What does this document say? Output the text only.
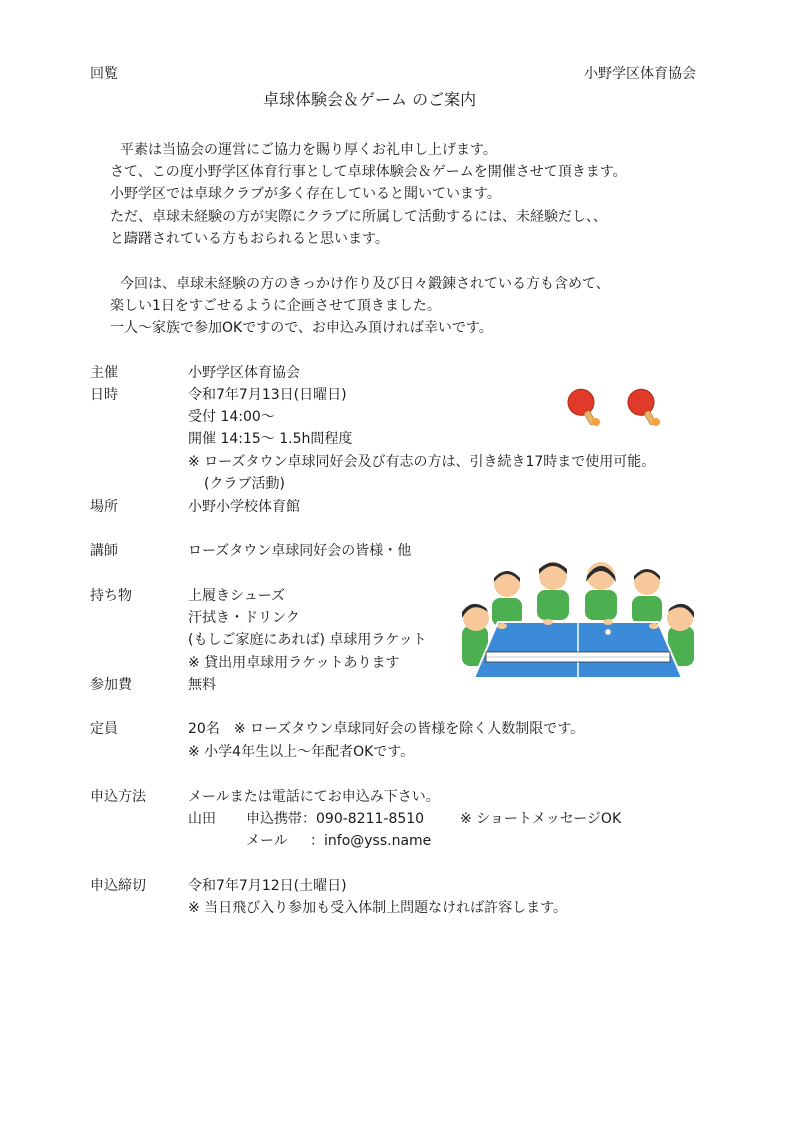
回覧	小野学区体育協会
卓球体験会＆ゲーム のご案内
平素は当協会の運営にご協力を賜り厚くお礼申し上げます。
さて、この度小野学区体育行事として卓球体験会＆ゲームを開催させて頂きます。
小野学区では卓球クラブが多く存在していると聞いています。
ただ、卓球未経験の方が実際にクラブに所属して活動するには、未経験だし、、
と躊躇されている方もおられると思います。
今回は、卓球未経験の方のきっかけ作り及び日々鍛錬されている方も含めて、
楽しい1日をすごせるように企画させて頂きました。
一人～家族で参加OKですので、お申込み頂ければ幸いです。
主催	小野学区体育協会
日時	令和7年7月13日(日曜日)
受付 14:00～
開催 14:15～ 1.5h間程度
※ ローズタウン卓球同好会及び有志の方は、引き続き17時まで使用可能。
(クラブ活動)
場所	小野小学校体育館
講師	ローズタウン卓球同好会の皆様・他
持ち物	上履きシューズ
汗拭き・ドリンク
(もしご家庭にあれば) 卓球用ラケット
※ 貸出用卓球用ラケットあります
参加費	無料
定員	20名　※ ローズタウン卓球同好会の皆様を除く人数制限です。
※ 小学4年生以上～年配者OKです。
申込方法	メールまたは電話にてお申込み下さい。
山田 申込携帯：090-8211-8510	※ ショートメッセージOK
メール ：info@yss.name
申込締切	令和7年7月12日(土曜日)
※ 当日飛び入り参加も受入体制上問題なければ許容します。
